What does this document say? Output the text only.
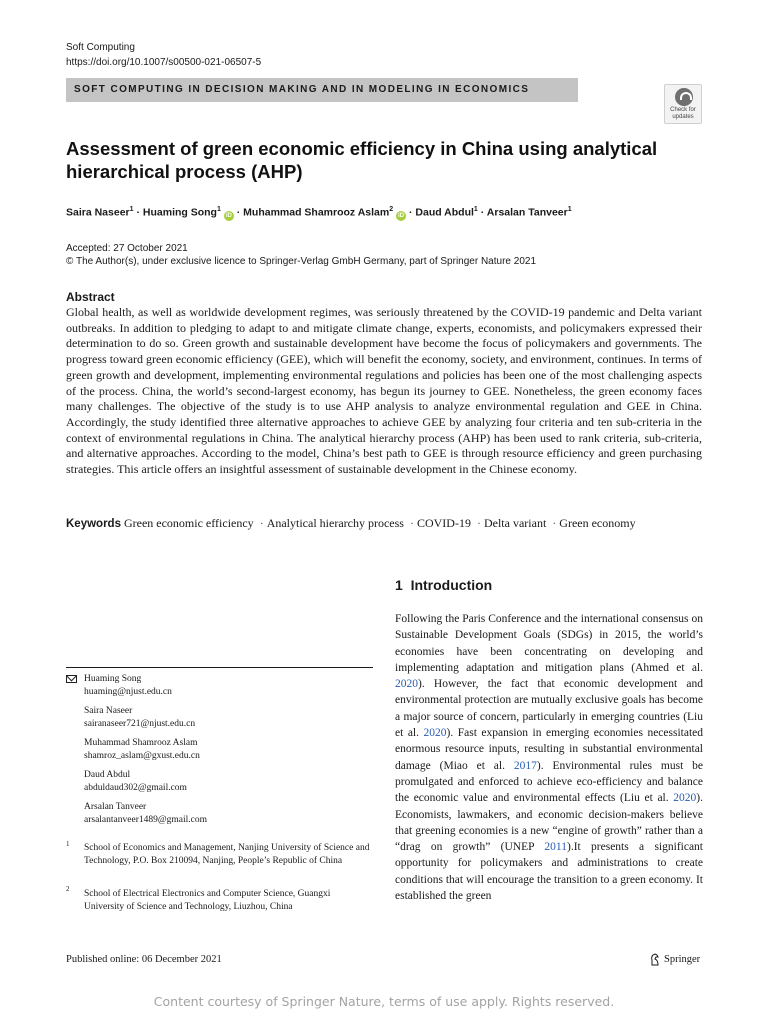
Soft Computing
https://doi.org/10.1007/s00500-021-06507-5
SOFT COMPUTING IN DECISION MAKING AND IN MODELING IN ECONOMICS
Check for
updates
Assessment of green economic efficiency in China using analytical hierarchical process (AHP)
Saira Naseer$^1$ · Huaming Song$^1$ iD · Muhammad Shamrooz Aslam$^2$ iD · Daud Abdul$^1$ · Arsalan Tanveer$^1$
Accepted: 27 October 2021
© The Author(s), under exclusive licence to Springer-Verlag GmbH Germany, part of Springer Nature 2021
Abstract

Global health, as well as worldwide development regimes, was seriously threatened by the COVID-19 pandemic and Delta variant outbreaks. In addition to pledging to adapt to and mitigate climate change, experts, economists, and policymakers expressed their determination to do so. Green growth and sustainable development have become the focus of policymakers and governments. The progress toward green economic efficiency (GEE), which will benefit the economy, society, and environment, continues. In terms of green growth and development, implementing environmental regulations and policies has been one of the most challenging aspects of the process. China, the world’s second-largest economy, has begun its journey to GEE. Nonetheless, the green economy faces many challenges. The objective of the study is to use AHP analysis to analyze environmental regulation and GEE in China. Accordingly, the study identified three alternative approaches to achieve GEE by analyzing four criteria and ten sub-criteria in the context of environmental regulations in China. The analytical hierarchy process (AHP) has been used to rank criteria, sub-criteria, and alternative approaches. According to the model, China’s best path to GEE is through resource efficiency and green purchasing strategies. This article offers an insightful assessment of sustainable development in the Chinese economy.

Keywords Green economic efficiency · Analytical hierarchy process · COVID-19 · Delta variant · Green economy
1 Introduction

Following the Paris Conference and the international consensus on Sustainable Development Goals (SDGs) in 2015, the world’s economies have been concentrating on developing and implementing adaptation and mitigation plans (Ahmed et al. 2020). However, the fact that economic development and environmental protection are mutually exclusive goals has become a major source of concern, particularly in emerging countries (Liu et al. 2020). Fast expansion in emerging economies necessitated enormous resource inputs, resulting in substantial environmental damage (Miao et al. 2017). Environmental rules must be promulgated and enforced to achieve eco-efficiency and balance the economic value and environmental effects (Liu et al. 2020). Economists, lawmakers, and economic decision-makers believe that greening economies is a new “engine of growth” rather than a “drag on growth” (UNEP 2011).It presents a significant opportunity for policymakers and administrations to create conditions that will encourage the transition to a green economy. It established the green

Huaming Song
huaming@njust.edu.cn
Saira Naseer
sairanaseer721@njust.edu.cn
Muhammad Shamrooz Aslam
shamroz_aslam@gxust.edu.cn
Daud Abdul
abduldaud302@gmail.com
Arsalan Tanveer
arsalantanveer1489@gmail.com
1 School of Economics and Management, Nanjing University of Science and Technology, P.O. Box 210094, Nanjing, People’s Republic of China
2 School of Electrical Electronics and Computer Science, Guangxi University of Science and Technology, Liuzhou, China
Published online: 06 December 2021	Springer
Content courtesy of Springer Nature, terms of use apply. Rights reserved.
